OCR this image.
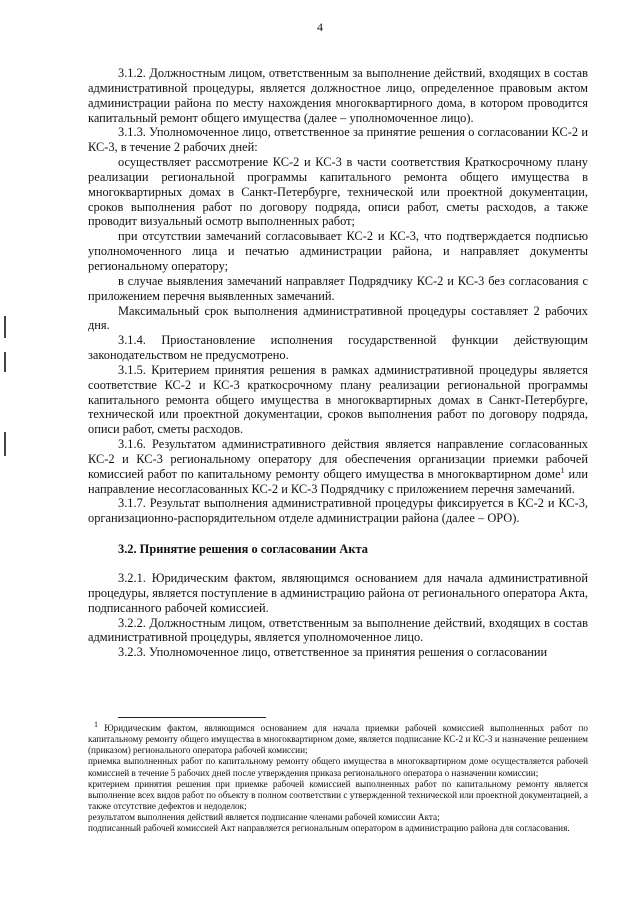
4

3.1.2. Должностным лицом, ответственным за выполнение действий, входящих в состав административной процедуры, является должностное лицо, определенное правовым актом администрации района по месту нахождения многоквартирного дома, в котором проводится капитальный ремонт общего имущества (далее – уполномоченное лицо).

3.1.3. Уполномоченное лицо, ответственное за принятие решения о согласовании КС-2 и КС-3, в течение 2 рабочих дней:

осуществляет рассмотрение КС-2 и КС-3 в части соответствия Краткосрочному плану реализации региональной программы капитального ремонта общего имущества в многоквартирных домах в Санкт-Петербурге, технической или проектной документации, сроков выполнения работ по договору подряда, описи работ, сметы расходов, а также проводит визуальный осмотр выполненных работ;

при отсутствии замечаний согласовывает КС-2 и КС-3, что подтверждается подписью уполномоченного лица и печатью администрации района, и направляет документы региональному оператору;

в случае выявления замечаний направляет Подрядчику КС-2 и КС-3 без согласования с приложением перечня выявленных замечаний.

Максимальный срок выполнения административной процедуры составляет 2 рабочих дня.

3.1.4. Приостановление исполнения государственной функции действующим законодательством не предусмотрено.

3.1.5. Критерием принятия решения в рамках административной процедуры является соответствие КС-2 и КС-3 краткосрочному плану реализации региональной программы капитального ремонта общего имущества в многоквартирных домах в Санкт-Петербурге, технической или проектной документации, сроков выполнения работ по договору подряда, описи работ, сметы расходов.

3.1.6. Результатом административного действия является направление согласованных КС-2 и КС-3 региональному оператору для обеспечения организации приемки рабочей комиссией работ по капитальному ремонту общего имущества в многоквартирном доме$^1$ или направление несогласованных КС-2 и КС-3 Подрядчику с приложением перечня замечаний.

3.1.7. Результат выполнения административной процедуры фиксируется в КС-2 и КС-3, организационно-распорядительном отделе администрации района (далее – ОРО).

3.2. Принятие решения о согласовании Акта

3.2.1. Юридическим фактом, являющимся основанием для начала административной процедуры, является поступление в администрацию района от регионального оператора Акта, подписанного рабочей комиссией.

3.2.2. Должностным лицом, ответственным за выполнение действий, входящих в состав административной процедуры, является уполномоченное лицо.

3.2.3. Уполномоченное лицо, ответственное за принятия решения о согласовании

$^1$ Юридическим фактом, являющимся основанием для начала приемки рабочей комиссией выполненных работ по капитальному ремонту общего имущества в многоквартирном доме, является подписание КС-2 и КС-3 и назначение решением (приказом) регионального оператора рабочей комиссии;

приемка выполненных работ по капитальному ремонту общего имущества в многоквартирном доме осуществляется рабочей комиссией в течение 5 рабочих дней после утверждения приказа регионального оператора о назначении комиссии;

критерием принятия решения при приемке рабочей комиссией выполненных работ по капитальному ремонту является выполнение всех видов работ по объекту в полном соответствии с утвержденной технической или проектной документацией, а также отсутствие дефектов и недоделок;

результатом выполнения действий является подписание членами рабочей комиссии Акта;

подписанный рабочей комиссией Акт направляется региональным оператором в администрацию района для согласования.
